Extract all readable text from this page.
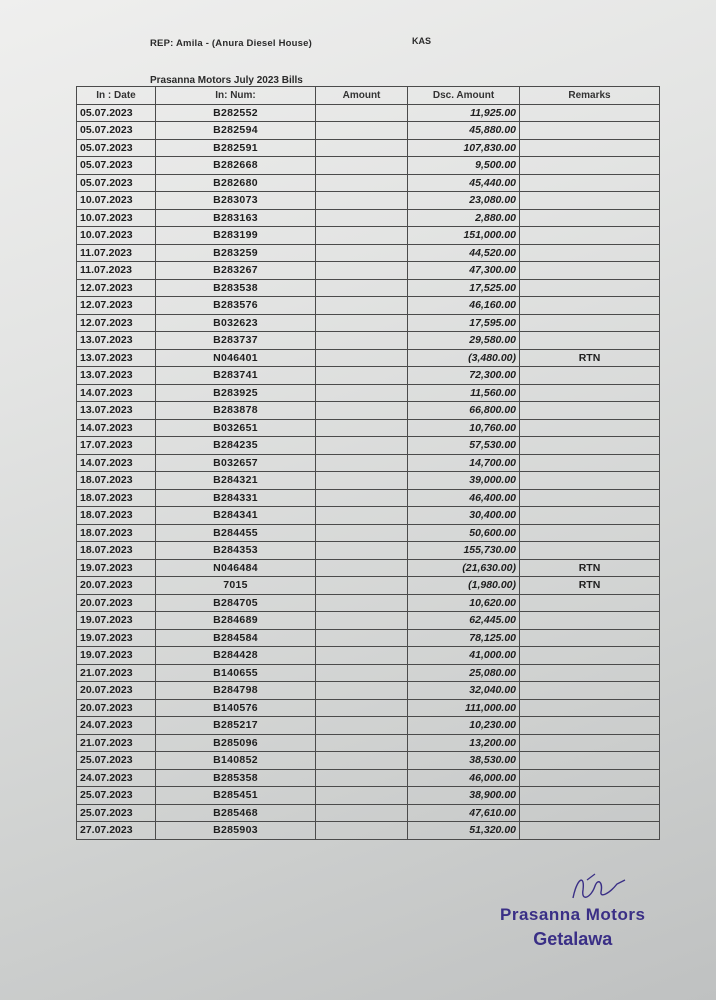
REP: Amila - (Anura Diesel House)	KAS
Prasanna Motors July 2023 Bills
In : Date	In: Num:	Amount	Dsc. Amount	Remarks
05.07.2023	B282552		11,925.00	
05.07.2023	B282594		45,880.00	
05.07.2023	B282591		107,830.00	
05.07.2023	B282668		9,500.00	
05.07.2023	B282680		45,440.00	
10.07.2023	B283073		23,080.00	
10.07.2023	B283163		2,880.00	
10.07.2023	B283199		151,000.00	
11.07.2023	B283259		44,520.00	
11.07.2023	B283267		47,300.00	
12.07.2023	B283538		17,525.00	
12.07.2023	B283576		46,160.00	
12.07.2023	B032623		17,595.00	
13.07.2023	B283737		29,580.00	
13.07.2023	N046401		(3,480.00)	RTN
13.07.2023	B283741		72,300.00	
14.07.2023	B283925		11,560.00	
13.07.2023	B283878		66,800.00	
14.07.2023	B032651		10,760.00	
17.07.2023	B284235		57,530.00	
14.07.2023	B032657		14,700.00	
18.07.2023	B284321		39,000.00	
18.07.2023	B284331		46,400.00	
18.07.2023	B284341		30,400.00	
18.07.2023	B284455		50,600.00	
18.07.2023	B284353		155,730.00	
19.07.2023	N046484		(21,630.00)	RTN
20.07.2023	7015		(1,980.00)	RTN
20.07.2023	B284705		10,620.00	
19.07.2023	B284689		62,445.00	
19.07.2023	B284584		78,125.00	
19.07.2023	B284428		41,000.00	
21.07.2023	B140655		25,080.00	
20.07.2023	B284798		32,040.00	
20.07.2023	B140576		111,000.00	
24.07.2023	B285217		10,230.00	
21.07.2023	B285096		13,200.00	
25.07.2023	B140852		38,530.00	
24.07.2023	B285358		46,000.00	
25.07.2023	B285451		38,900.00	
25.07.2023	B285468		47,610.00	
27.07.2023	B285903		51,320.00	
Prasanna Motors
Getalawa
